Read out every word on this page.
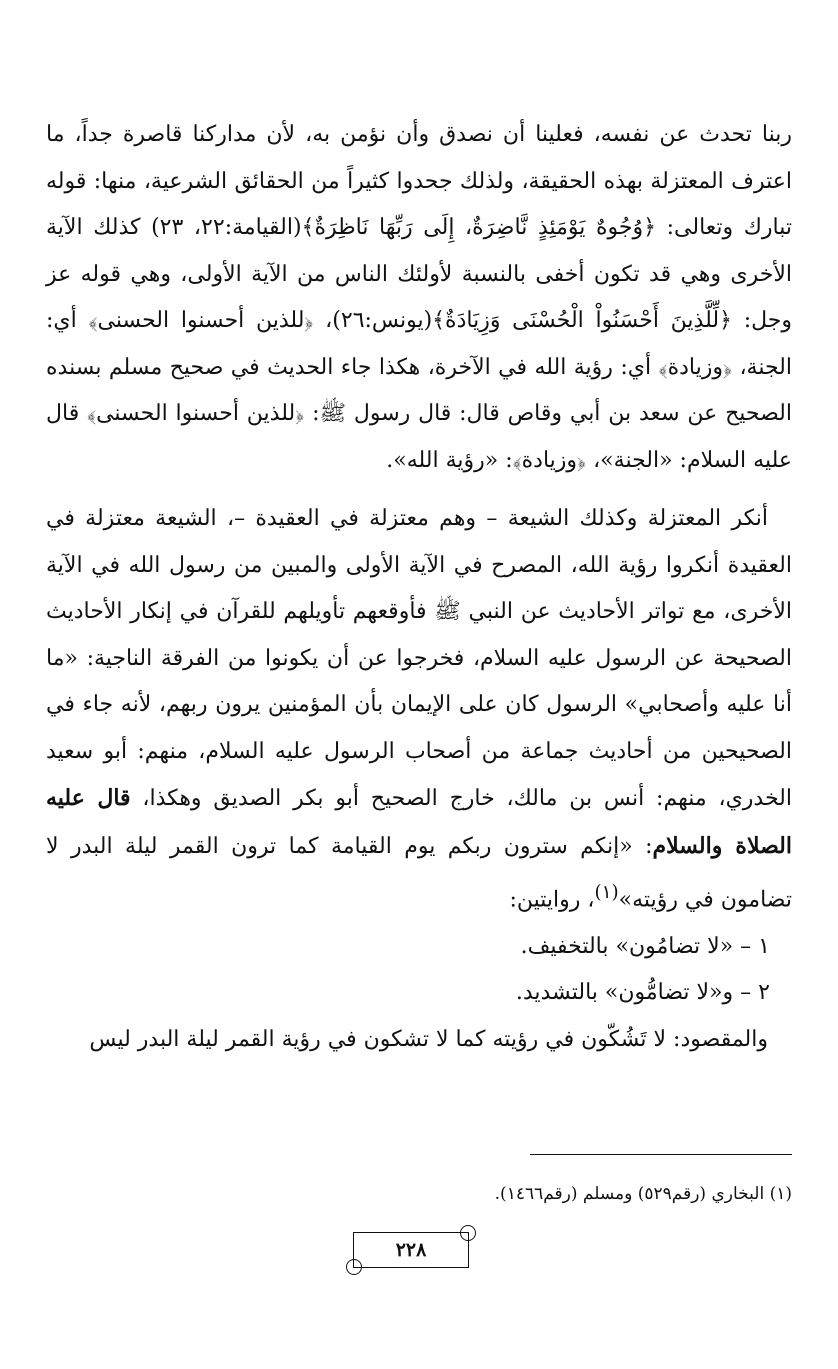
ربنا تحدث عن نفسه، فعلينا أن نصدق وأن نؤمن به، لأن مداركنا قاصرة جداً، ما اعترف المعتزلة بهذه الحقيقة، ولذلك جحدوا كثيراً من الحقائق الشرعية، منها: قوله تبارك وتعالى: ﴿وُجُوهٌ يَوْمَئِذٍ نَّاضِرَةٌ، إِلَى رَبِّهَا نَاظِرَةٌ﴾(القيامة:٢٢، ٢٣) كذلك الآية الأخرى وهي قد تكون أخفى بالنسبة لأولئك الناس من الآية الأولى، وهي قوله عز وجل: ﴿لِّلَّذِينَ أَحْسَنُواْ الْحُسْنَى وَزِيَادَةٌ﴾(يونس:٢٦)، ﴿للذين أحسنوا الحسنى﴾ أي: الجنة، ﴿وزيادة﴾ أي: رؤية الله في الآخرة، هكذا جاء الحديث في صحيح مسلم بسنده الصحيح عن سعد بن أبي وقاص قال: قال رسول ﷺ: ﴿للذين أحسنوا الحسنى﴾ قال عليه السلام: «الجنة»، ﴿وزيادة﴾: «رؤية الله».

أنكر المعتزلة وكذلك الشيعة – وهم معتزلة في العقيدة –، الشيعة معتزلة في العقيدة أنكروا رؤية الله، المصرح في الآية الأولى والمبين من رسول الله في الآية الأخرى، مع تواتر الأحاديث عن النبي ﷺ فأوقعهم تأويلهم للقرآن في إنكار الأحاديث الصحيحة عن الرسول عليه السلام، فخرجوا عن أن يكونوا من الفرقة الناجية: «ما أنا عليه وأصحابي» الرسول كان على الإيمان بأن المؤمنين يرون ربهم، لأنه جاء في الصحيحين من أحاديث جماعة من أصحاب الرسول عليه السلام، منهم: أبو سعيد الخدري، منهم: أنس بن مالك، خارج الصحيح أبو بكر الصديق وهكذا، قال عليه الصلاة والسلام: «إنكم سترون ربكم يوم القيامة كما ترون القمر ليلة البدر لا تضامون في رؤيته»$^{(١)}$، روايتين:

١ – «لا تضامُون» بالتخفيف.

٢ – و«لا تضامُّون» بالتشديد.

والمقصود: لا تَشُكّون في رؤيته كما لا تشكون في رؤية القمر ليلة البدر ليس

(١) البخاري (رقم٥٢٩) ومسلم (رقم١٤٦٦).
٢٢٨
